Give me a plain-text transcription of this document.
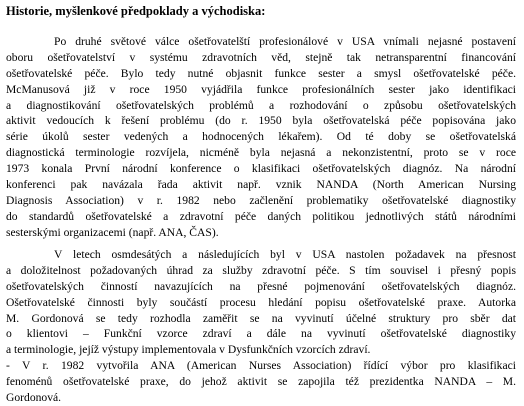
Historie, myšlenkové předpoklady a východiska:
Po druhé světové válce ošetřovatelští profesionálové v USA vnímali nejasné postavení
oboru ošetřovatelství v systému zdravotních věd, stejně tak netransparentní financování
ošetřovatelské péče. Bylo tedy nutné objasnit funkce sester a smysl ošetřovatelské péče.
McManusová již v roce 1950 vyjádřila funkce profesionálních sester jako identifikaci
a diagnostikování ošetřovatelských problémů a rozhodování o způsobu ošetřovatelských
aktivit vedoucích k řešení problému (do r. 1950 byla ošetřovatelská péče popisována jako
série úkolů sester vedených a hodnocených lékařem). Od té doby se ošetřovatelská
diagnostická terminologie rozvíjela, nicméně byla nejasná a nekonzistentní, proto se v roce
1973 konala První národní konference o klasifikaci ošetřovatelských diagnóz. Na národní
konferenci pak navázala řada aktivit např. vznik NANDA (North American Nursing
Diagnosis Association) v r. 1982 nebo začlenění problematiky ošetřovatelské diagnostiky
do standardů ošetřovatelské a zdravotní péče daných politikou jednotlivých států národními
sesterskými organizacemi (např. ANA, ČAS).
V letech osmdesátých a následujících byl v USA nastolen požadavek na přesnost
a doložitelnost požadovaných úhrad za služby zdravotní péče. S tím souvisel i přesný popis
ošetřovatelských činností navazujících na přesné pojmenování ošetřovatelských diagnóz.
Ošetřovatelské činnosti byly součástí procesu hledání popisu ošetřovatelské praxe. Autorka
M. Gordonová se tedy rozhodla zaměřit se na vyvinutí účelné struktury pro sběr dat
o klientovi – Funkční vzorce zdraví a dále na vyvinutí ošetřovatelské diagnostiky
a terminologie, jejíž výstupy implementovala v Dysfunkčních vzorcích zdraví.
- V r. 1982 vytvořila ANA (American Nurses Association) řídící výbor pro klasifikaci
fenoménů ošetřovatelské praxe, do jehož aktivit se zapojila též prezidentka NANDA – M.
Gordonová.
